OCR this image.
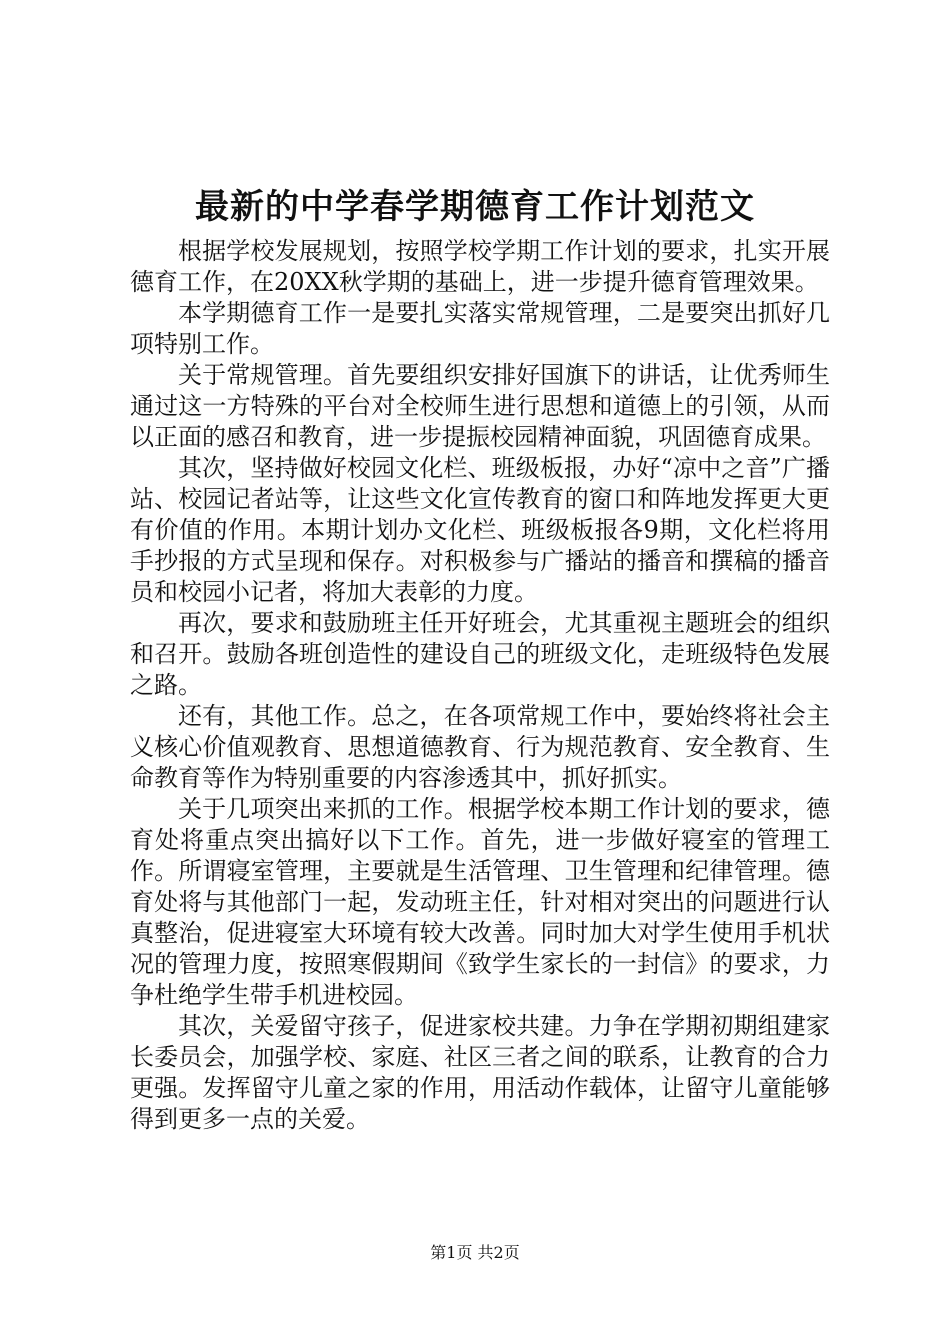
最新的中学春学期德育工作计划范文

根据学校发展规划，按照学校学期工作计划的要求，扎实开展德育工作，在20XX秋学期的基础上，进一步提升德育管理效果。

本学期德育工作一是要扎实落实常规管理，二是要突出抓好几项特别工作。

关于常规管理。首先要组织安排好国旗下的讲话，让优秀师生通过这一方特殊的平台对全校师生进行思想和道德上的引领，从而以正面的感召和教育，进一步提振校园精神面貌，巩固德育成果。

其次，坚持做好校园文化栏、班级板报，办好“凉中之音”广播站、校园记者站等，让这些文化宣传教育的窗口和阵地发挥更大更有价值的作用。本期计划办文化栏、班级板报各9期，文化栏将用手抄报的方式呈现和保存。对积极参与广播站的播音和撰稿的播音员和校园小记者，将加大表彰的力度。

再次，要求和鼓励班主任开好班会，尤其重视主题班会的组织和召开。鼓励各班创造性的建设自己的班级文化，走班级特色发展之路。

还有，其他工作。总之，在各项常规工作中，要始终将社会主义核心价值观教育、思想道德教育、行为规范教育、安全教育、生命教育等作为特别重要的内容渗透其中，抓好抓实。

关于几项突出来抓的工作。根据学校本期工作计划的要求，德育处将重点突出搞好以下工作。首先，进一步做好寝室的管理工作。所谓寝室管理，主要就是生活管理、卫生管理和纪律管理。德育处将与其他部门一起，发动班主任，针对相对突出的问题进行认真整治，促进寝室大环境有较大改善。同时加大对学生使用手机状况的管理力度，按照寒假期间《致学生家长的一封信》的要求，力争杜绝学生带手机进校园。

其次，关爱留守孩子，促进家校共建。力争在学期初期组建家长委员会，加强学校、家庭、社区三者之间的联系，让教育的合力更强。发挥留守儿童之家的作用，用活动作载体，让留守儿童能够得到更多一点的关爱。

第1页 共2页
